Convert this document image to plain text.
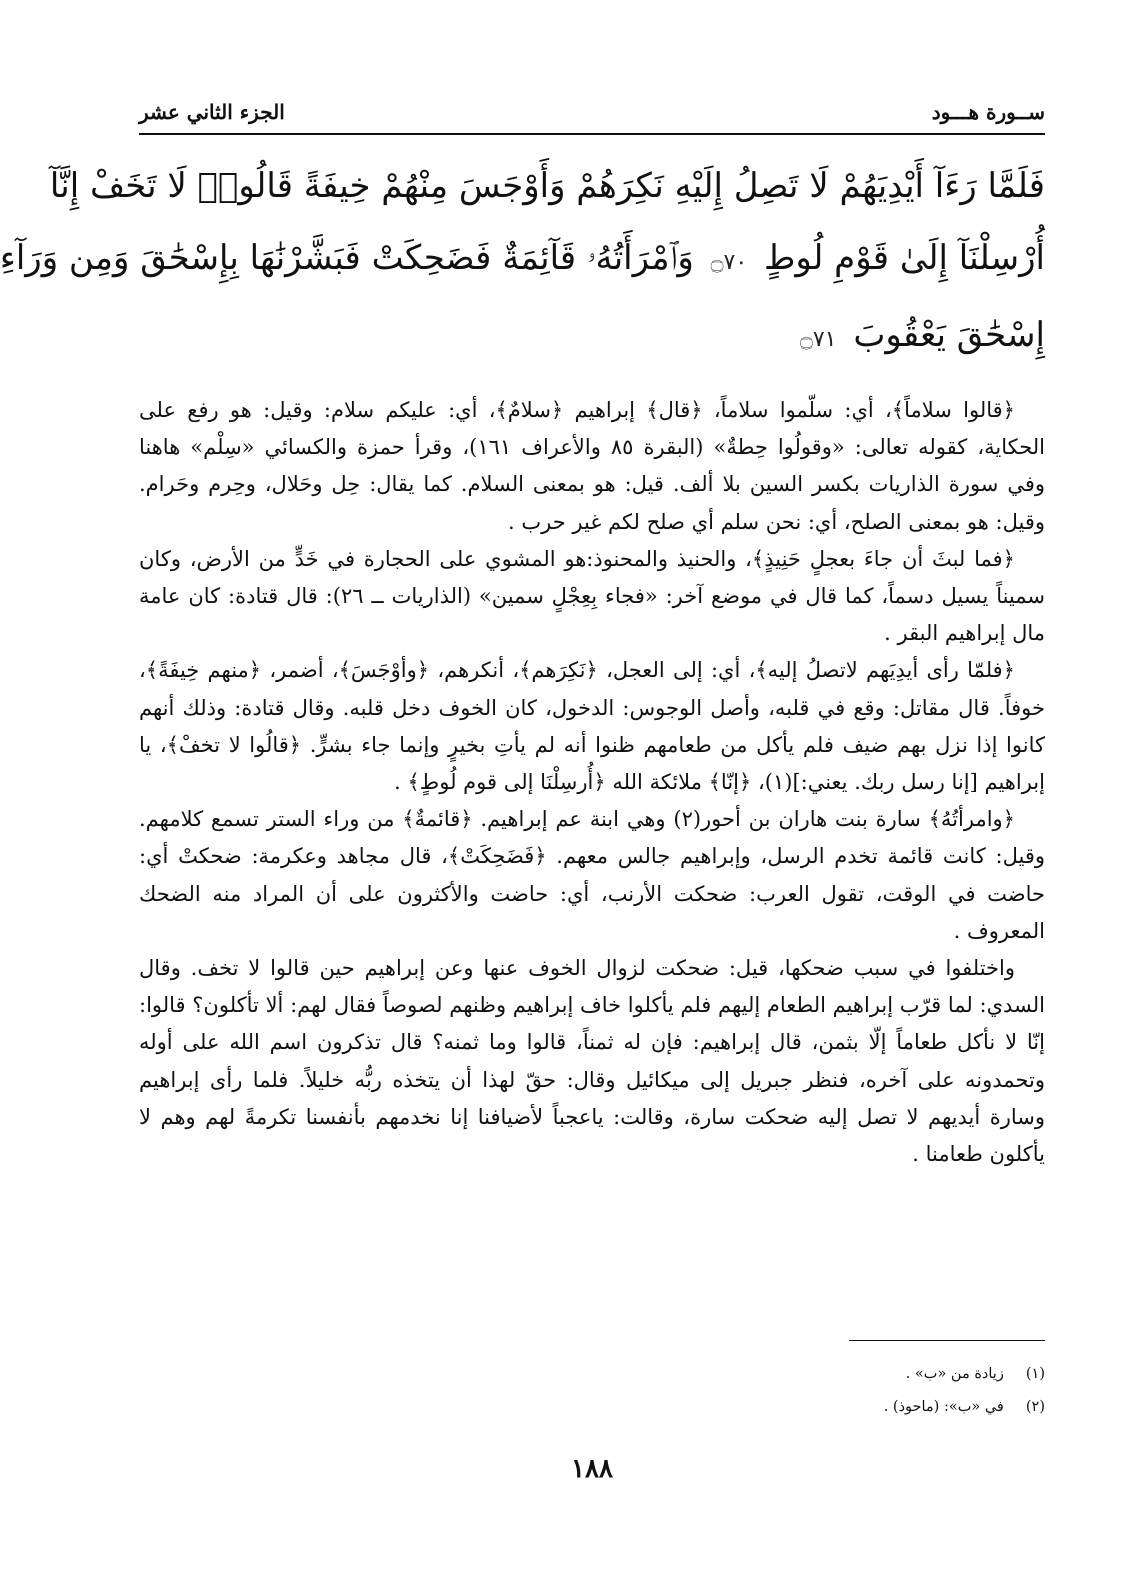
ســورة هـــود
الجزء الثاني عشر
فَلَمَّا رَءَآ أَيْدِيَهُمْ لَا تَصِلُ إِلَيْهِ نَكِرَهُمْ وَأَوْجَسَ مِنْهُمْ خِيفَةً قَالُوا۟ لَا تَخَفْ إِنَّآ
أُرْسِلْنَآ إِلَىٰ قَوْمِ لُوطٍ ۝٧٠ وَٱمْرَأَتُهُۥ قَآئِمَةٌ فَضَحِكَتْ فَبَشَّرْنَٰهَا بِإِسْحَٰقَ وَمِن وَرَآءِ
إِسْحَٰقَ يَعْقُوبَ ۝٧١

﴿قالوا سلاماً﴾، أي: سلّموا سلاماً، ﴿قال﴾ إبراهيم ﴿سلامٌ﴾، أي: عليكم سلام: وقيل: هو رفع على الحكاية، كقوله تعالى: «وقولُوا حِطةٌ» (البقرة ٨٥ والأعراف ١٦١)، وقرأ حمزة والكسائي «سِلْم» هاهنا وفي سورة الذاريات بكسر السين بلا ألف. قيل: هو بمعنى السلام. كما يقال: حِل وحَلال، وحِرم وحَرام. وقيل: هو بمعنى الصلح، أي: نحن سلم أي صلح لكم غير حرب .

﴿فما لبثَ أن جاءَ بعجلٍ حَنِيذٍ﴾، والحنيذ والمحنوذ:هو المشوي على الحجارة في خَدٍّ من الأرض، وكان سميناً يسيل دسماً، كما قال في موضع آخر: «فجاء بِعِجْلٍ سمين» (الذاريات ــ ٢٦): قال قتادة: كان عامة مال إبراهيم البقر .

﴿فلمّا رأى أيدِيَهم لاتصلُ إليه﴾، أي: إلى العجل، ﴿نَكِرَهم﴾، أنكرهم، ﴿وأوْجَسَ﴾، أضمر، ﴿منهم خِيفَةً﴾، خوفاً. قال مقاتل: وقع في قلبه، وأصل الوجوس: الدخول، كان الخوف دخل قلبه. وقال قتادة: وذلك أنهم كانوا إذا نزل بهم ضيف فلم يأكل من طعامهم ظنوا أنه لم يأتِ بخيرٍ وإنما جاء بشرٍّ. ﴿قالُوا لا تخفْ﴾، يا إبراهيم [إنا رسل ربك. يعني:](١)، ﴿إنّا﴾ ملائكة الله ﴿أُرسِلْنَا إلى قوم لُوطٍ﴾ .

﴿وامرأتُهُ﴾ سارة بنت هاران بن أحور(٢) وهي ابنة عم إبراهيم. ﴿قائمةٌ﴾ من وراء الستر تسمع كلامهم. وقيل: كانت قائمة تخدم الرسل، وإبراهيم جالس معهم. ﴿فَضَحِكَتْ﴾، قال مجاهد وعكرمة: ضحكتْ أي: حاضت في الوقت، تقول العرب: ضحكت الأرنب، أي: حاضت والأكثرون على أن المراد منه الضحك المعروف .

واختلفوا في سبب ضحكها، قيل: ضحكت لزوال الخوف عنها وعن إبراهيم حين قالوا لا تخف. وقال السدي: لما قرّب إبراهيم الطعام إليهم فلم يأكلوا خاف إبراهيم وظنهم لصوصاً فقال لهم: ألا تأكلون؟ قالوا: إنّا لا نأكل طعاماً إلّا بثمن، قال إبراهيم: فإن له ثمناً، قالوا وما ثمنه؟ قال تذكرون اسم الله على أوله وتحمدونه على آخره، فنظر جبريل إلى ميكائيل وقال: حقّ لهذا أن يتخذه ربُّه خليلاً. فلما رأى إبراهيم وسارة أيديهم لا تصل إليه ضحكت سارة، وقالت: ياعجباً لأضيافنا إنا نخدمهم بأنفسنا تكرمةً لهم وهم لا يأكلون طعامنا .

(١)
زيادة من «ب» .
(٢)
في «ب»: (ماحوذ) .
١٨٨
